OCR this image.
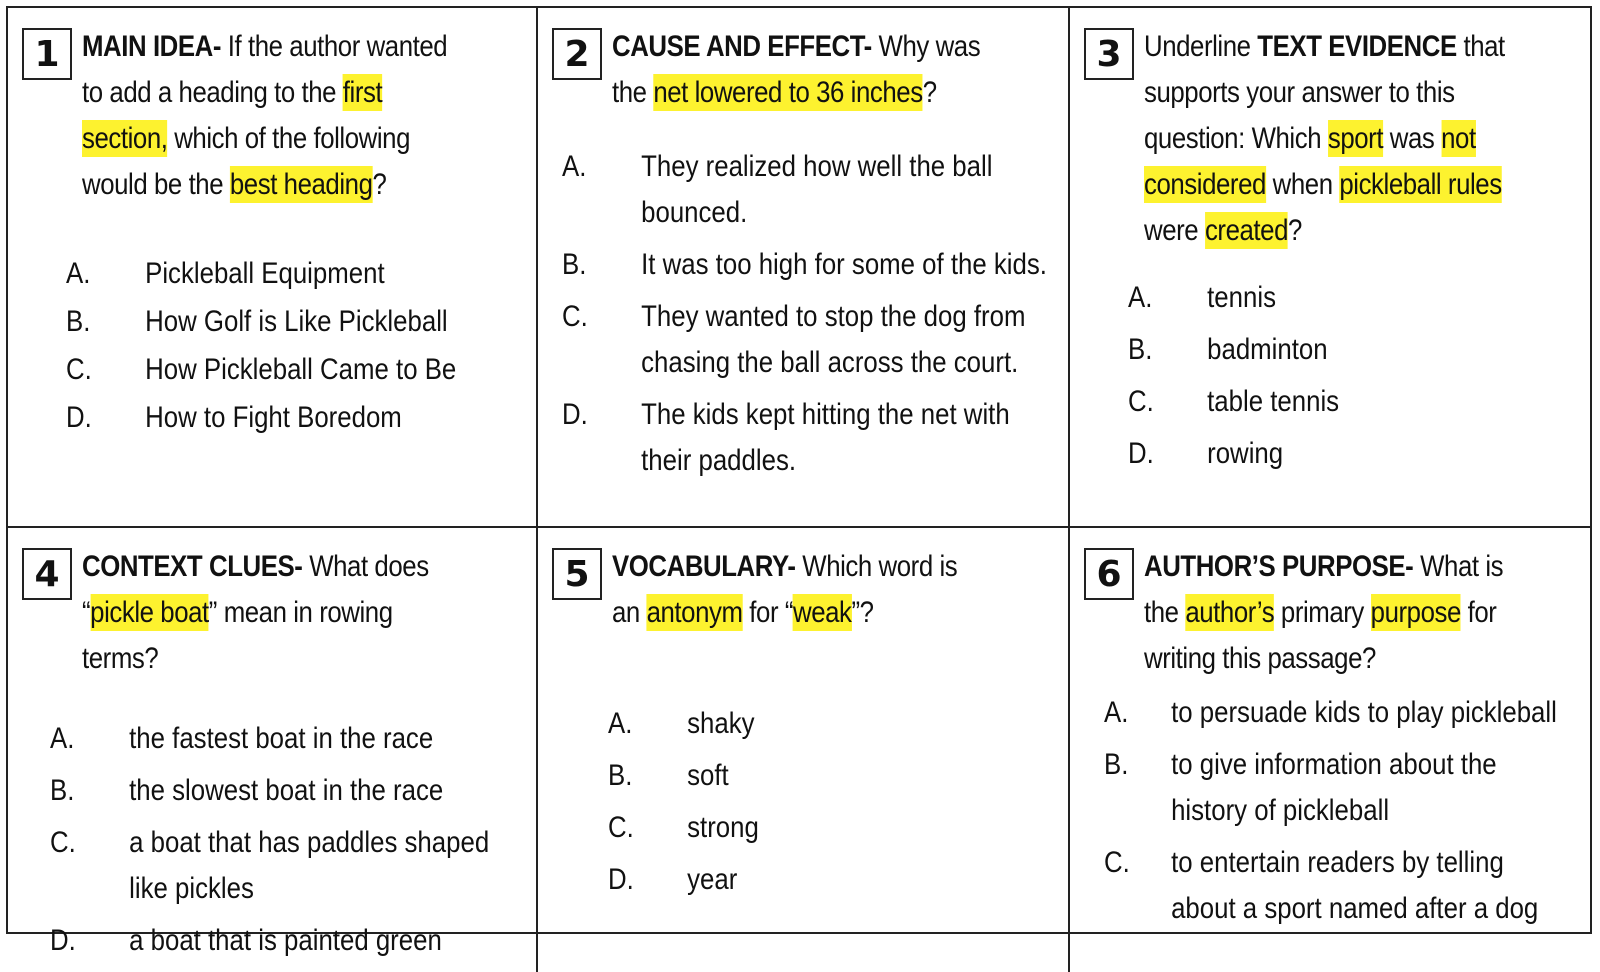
1 MAIN IDEA- If the author wanted to add a heading to the first section, which of the following would be the best heading?
A.	Pickleball Equipment
B.	How Golf is Like Pickleball
C.	How Pickleball Came to Be
D.	How to Fight Boredom
2 CAUSE AND EFFECT- Why was the net lowered to 36 inches?
A.	They realized how well the ball bounced.
B.	It was too high for some of the kids.
C.	They wanted to stop the dog from chasing the ball across the court.
D.	The kids kept hitting the net with their paddles.
3 Underline TEXT EVIDENCE that supports your answer to this question: Which sport was not considered when pickleball rules were created?
A.	tennis
B.	badminton
C.	table tennis
D.	rowing
4 CONTEXT CLUES- What does “pickle boat” mean in rowing terms?
A.	the fastest boat in the race
B.	the slowest boat in the race
C.	a boat that has paddles shaped like pickles
D.	a boat that is painted green
5 VOCABULARY- Which word is an antonym for “weak”?
A.	shaky
B.	soft
C.	strong
D.	year
6 AUTHOR’S PURPOSE- What is the author’s primary purpose for writing this passage?
A.	to persuade kids to play pickleball
B.	to give information about the history of pickleball
C.	to entertain readers by telling about a sport named after a dog
